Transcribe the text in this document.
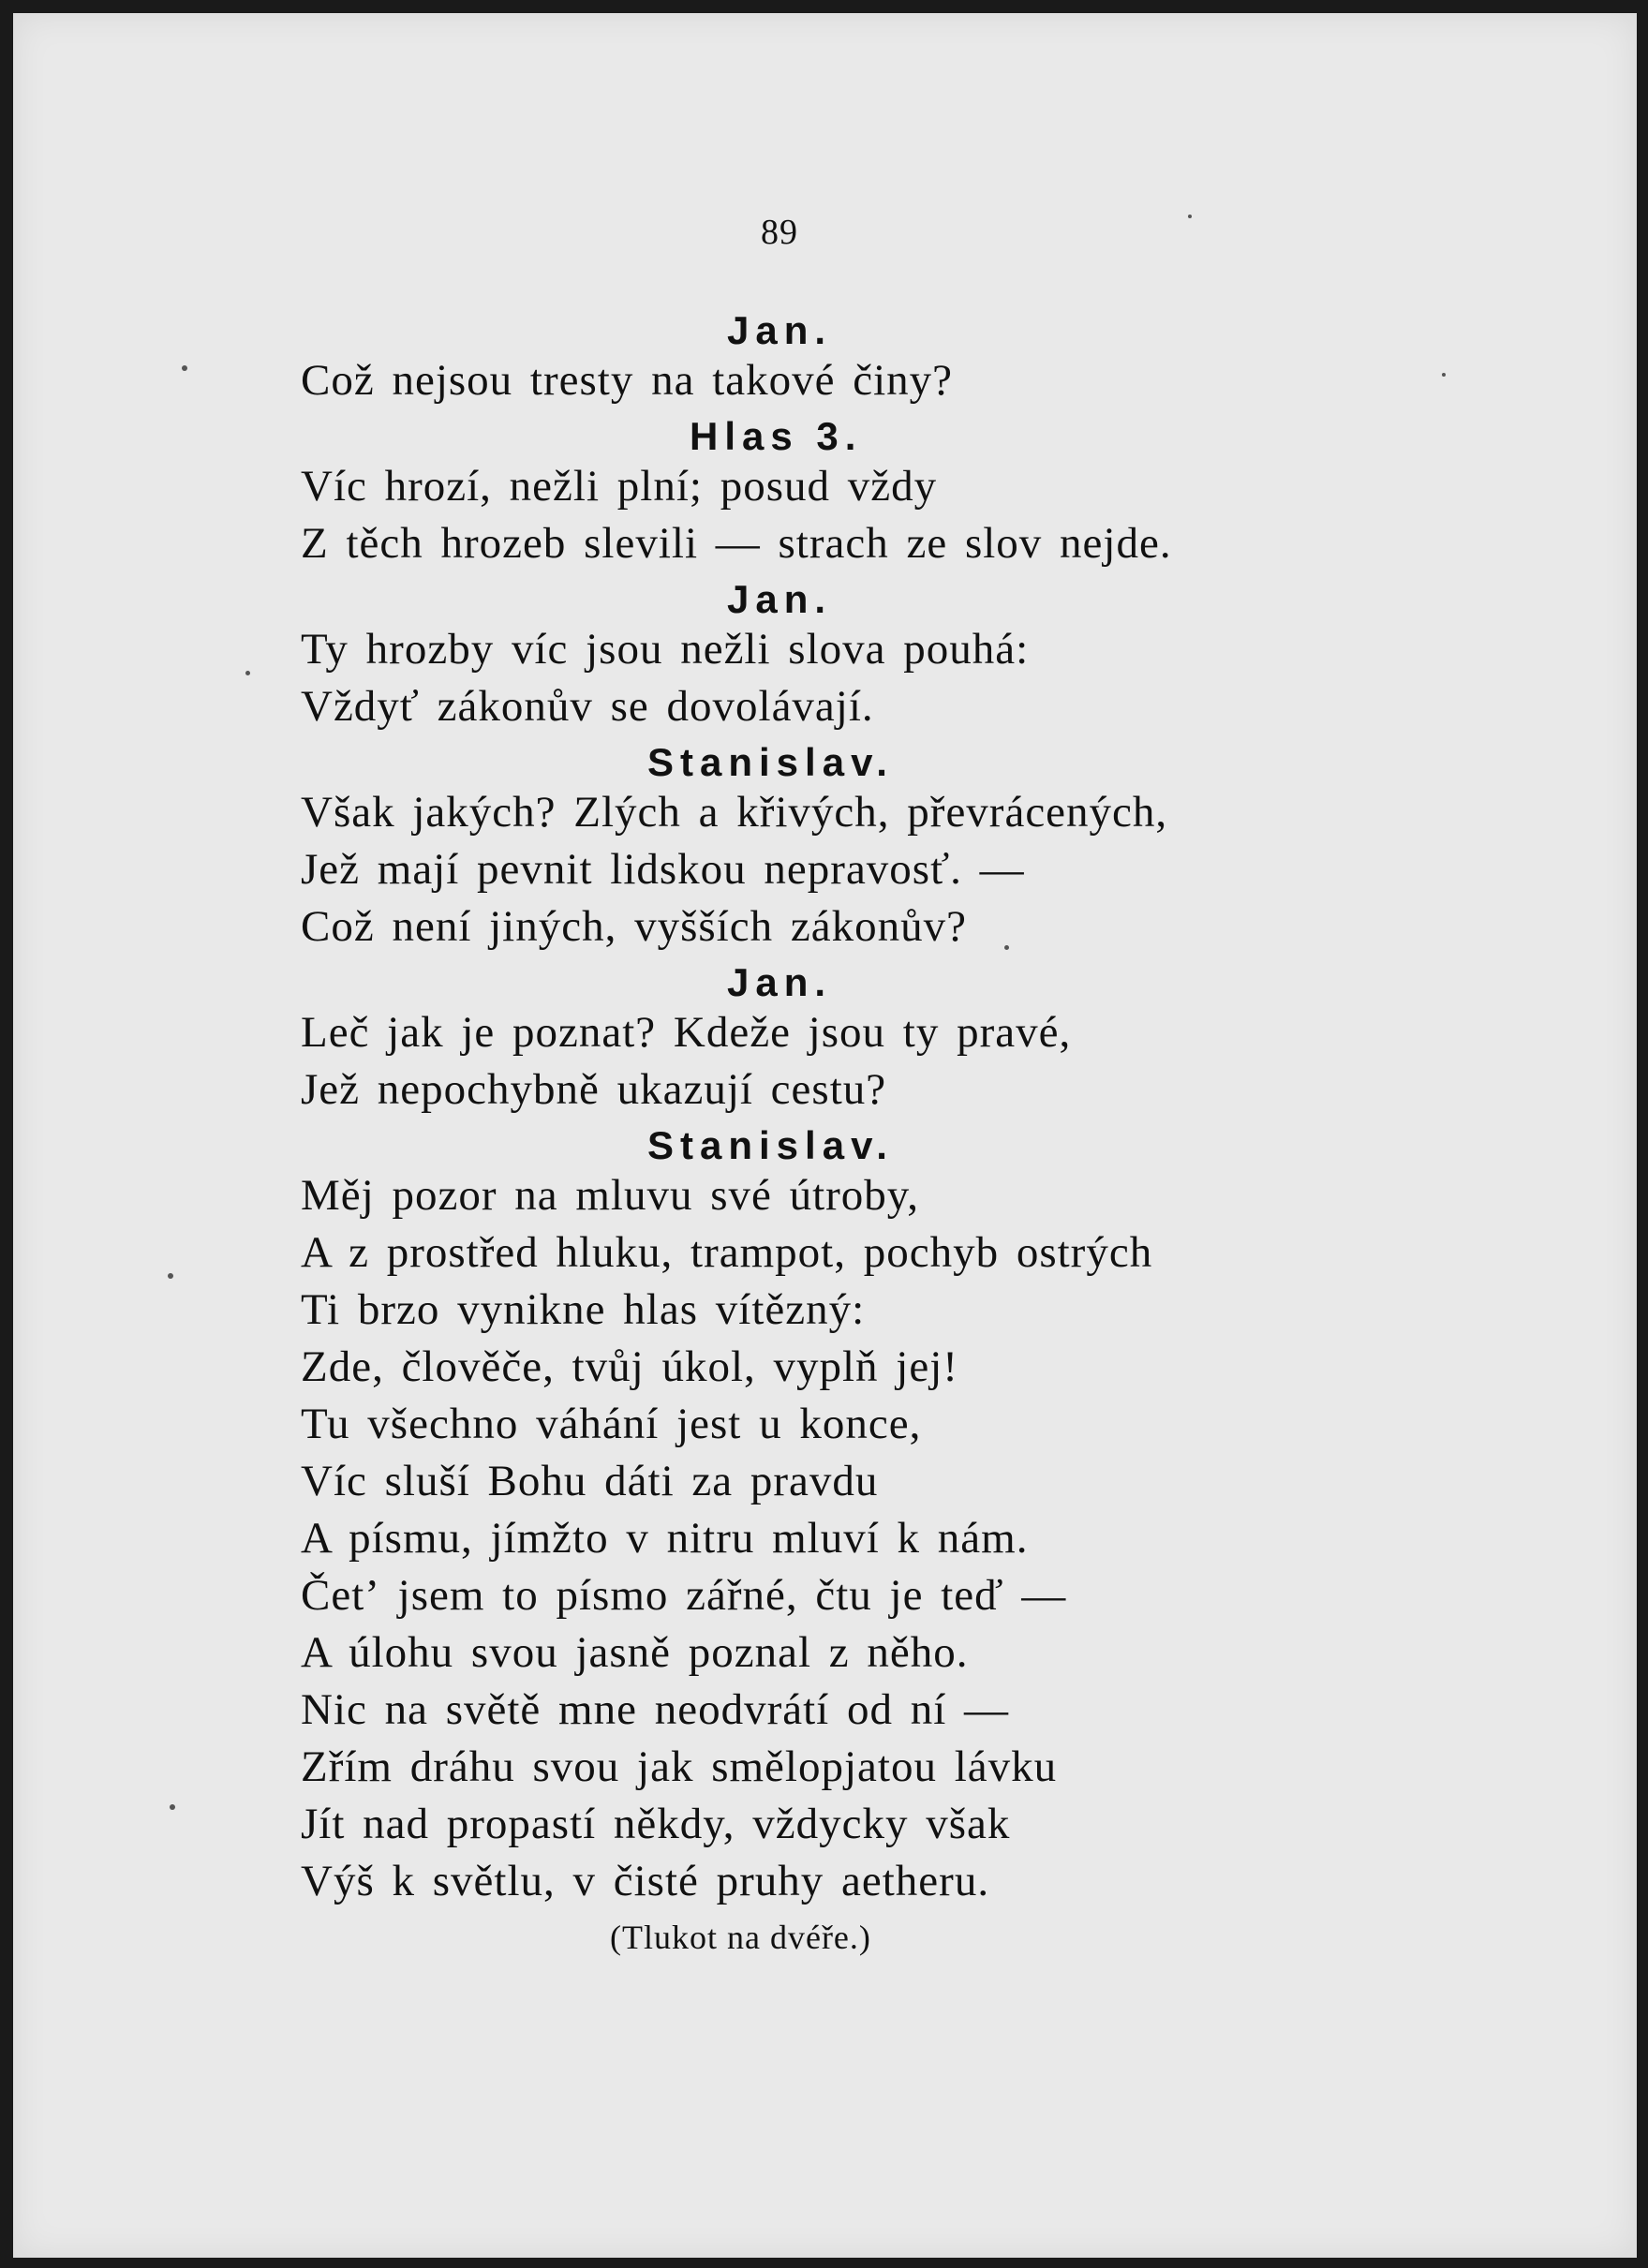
89
Jan.
Což nejsou tresty na takové činy?
Hlas 3.
Víc hrozí, nežli plní; posud vždy
Z těch hrozeb slevili — strach ze slov nejde.
Jan.
Ty hrozby víc jsou nežli slova pouhá:
Vždyť zákonův se dovolávají.
Stanislav.
Však jakých? Zlých a křivých, převrácených,
Jež mají pevnit lidskou nepravosť. —
Což není jiných, vyšších zákonův?
Jan.
Leč jak je poznat? Kdeže jsou ty pravé,
Jež nepochybně ukazují cestu?
Stanislav.
Měj pozor na mluvu své útroby,
A z prostřed hluku, trampot, pochyb ostrých
Ti brzo vynikne hlas vítězný:
Zde, člověče, tvůj úkol, vyplň jej!
Tu všechno váhání jest u konce,
Víc sluší Bohu dáti za pravdu
A písmu, jímžto v nitru mluví k nám.
Četʼ jsem to písmo zářné, čtu je teď —
A úlohu svou jasně poznal z něho.
Nic na světě mne neodvrátí od ní —
Zřím dráhu svou jak smělopjatou lávku
Jít nad propastí někdy, vždycky však
Výš k světlu, v čisté pruhy aetheru.
(Tlukot na dvéře.)
